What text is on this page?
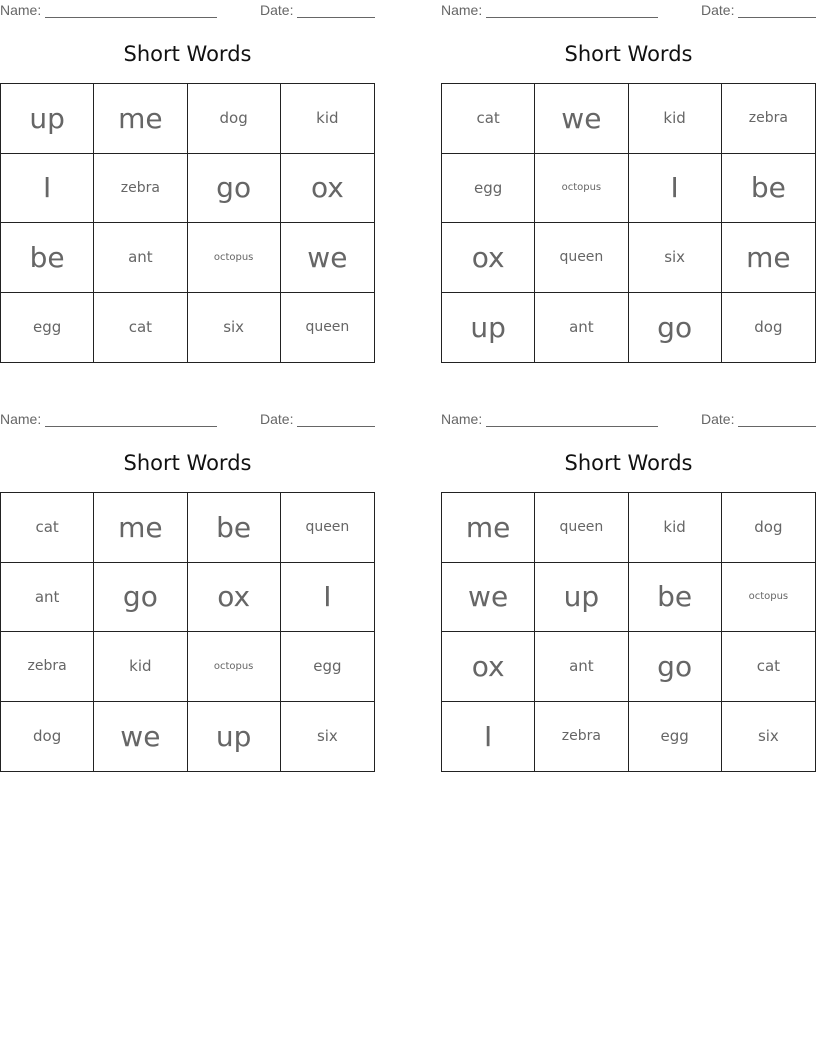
Name:	Date:
Short Words
up	me	dog	kid
I	zebra	go	ox
be	ant	octopus	we
egg	cat	six	queen
Name:	Date:
Short Words
cat	we	kid	zebra
egg	octopus	I	be
ox	queen	six	me
up	ant	go	dog
Name:	Date:
Short Words
cat	me	be	queen
ant	go	ox	I
zebra	kid	octopus	egg
dog	we	up	six
Name:	Date:
Short Words
me	queen	kid	dog
we	up	be	octopus
ox	ant	go	cat
I	zebra	egg	six
